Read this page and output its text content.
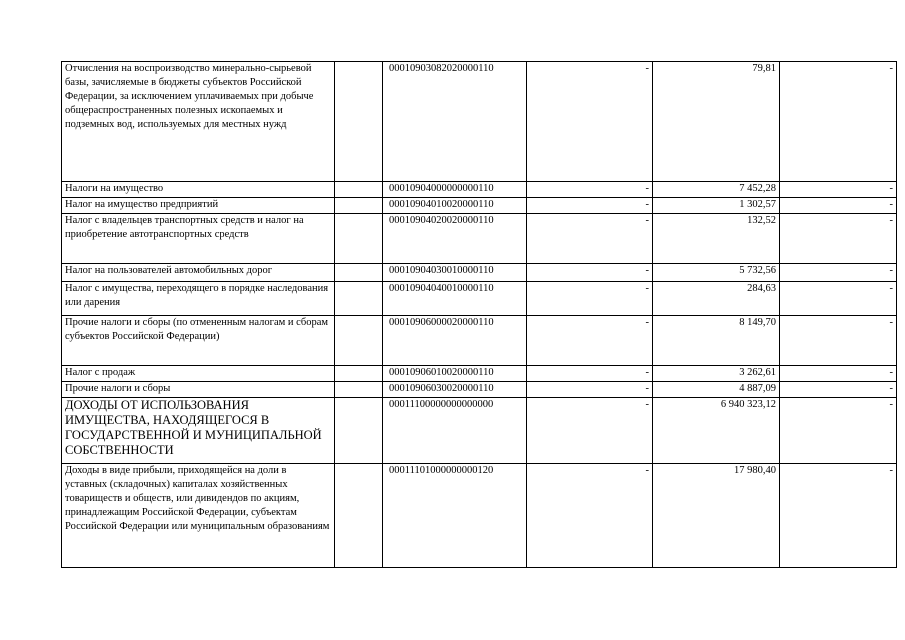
Отчисления на воспроизводство минерально-сырьевой базы, зачисляемые в бюджеты субъектов Российской Федерации, за исключением уплачиваемых при добыче общераспространенных полезных ископаемых и подземных вод, используемых для местных нужд		00010903082020000110	-	79,81	-
Налоги на имущество		00010904000000000110	-	7 452,28	-
Налог на имущество предприятий		00010904010020000110	-	1 302,57	-
Налог с владельцев транспортных средств и налог на приобретение автотранспортных средств		00010904020020000110	-	132,52	-
Налог на пользователей автомобильных дорог		00010904030010000110	-	5 732,56	-
Налог с имущества, переходящего в порядке наследования или дарения		00010904040010000110	-	284,63	-
Прочие налоги и сборы (по отмененным налогам и сборам субъектов Российской Федерации)		00010906000020000110	-	8 149,70	-
Налог с продаж		00010906010020000110	-	3 262,61	-
Прочие налоги и сборы		00010906030020000110	-	4 887,09	-
ДОХОДЫ ОТ ИСПОЛЬЗОВАНИЯ ИМУЩЕСТВА, НАХОДЯЩЕГОСЯ В ГОСУДАРСТВЕННОЙ И МУНИЦИПАЛЬНОЙ СОБСТВЕННОСТИ		00011100000000000000	-	6 940 323,12	-
Доходы в виде прибыли, приходящейся на доли в уставных (складочных) капиталах хозяйственных товариществ и обществ, или дивидендов по акциям, принадлежащим Российской Федерации, субъектам Российской Федерации или муниципальным образованиям		00011101000000000120	-	17 980,40	-
